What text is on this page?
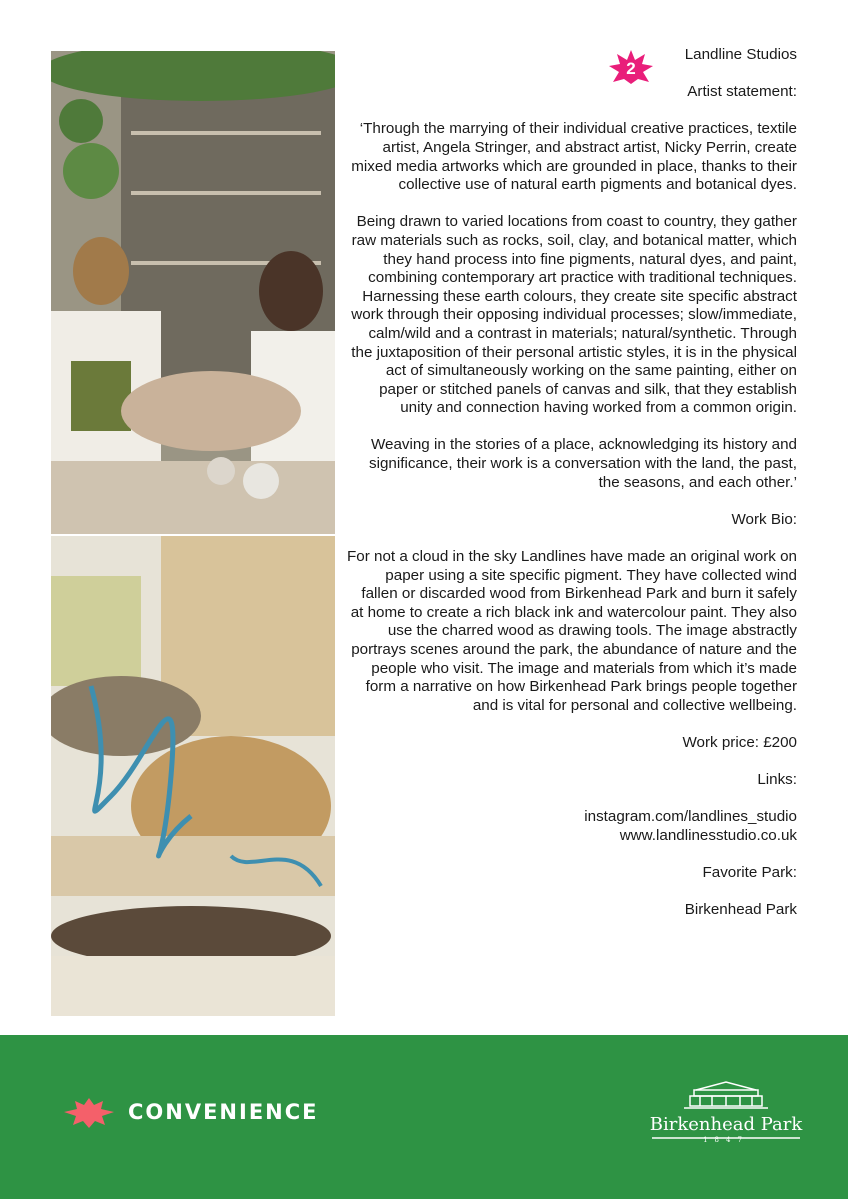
2

Landline Studios

Artist statement:

‘Through the marrying of their individual creative practices, textile artist, Angela Stringer, and abstract artist, Nicky Perrin, create mixed media artworks which are grounded in place, thanks to their collective use of natural earth pigments and botanical dyes.

Being drawn to varied locations from coast to country, they gather raw materials such as rocks, soil, clay, and botanical matter, which they hand process into fine pigments, natural dyes, and paint, combining contemporary art practice with traditional techniques.

Harnessing these earth colours, they create site specific abstract work through their opposing individual processes; slow/immediate, calm/wild and a contrast in materials; natural/synthetic. Through the juxtaposition of their personal artistic styles, it is in the physical act of simultaneously working on the same painting, either on paper or stitched panels of canvas and silk, that they establish unity and connection having worked from a common origin.

Weaving in the stories of a place, acknowledging its history and significance, their work is a conversation with the land, the past, the seasons, and each other.’

Work Bio:

For not a cloud in the sky Landlines have made an original work on paper using a site specific pigment. They have collected wind fallen or discarded wood from Birkenhead Park and burn it safely at home to create a rich black ink and watercolour paint. They also use the charred wood as drawing tools. The image abstractly portrays scenes around the park, the abundance of nature and the people who visit. The image and materials from which it’s made form a narrative on how Birkenhead Park brings people together and is vital for personal and collective wellbeing.

Work price: £200

Links:

instagram.com/landlines_studio

www.landlinesstudio.co.uk

Favorite Park:

Birkenhead Park

CONVENIENCE
Birkenhead Park
1847
